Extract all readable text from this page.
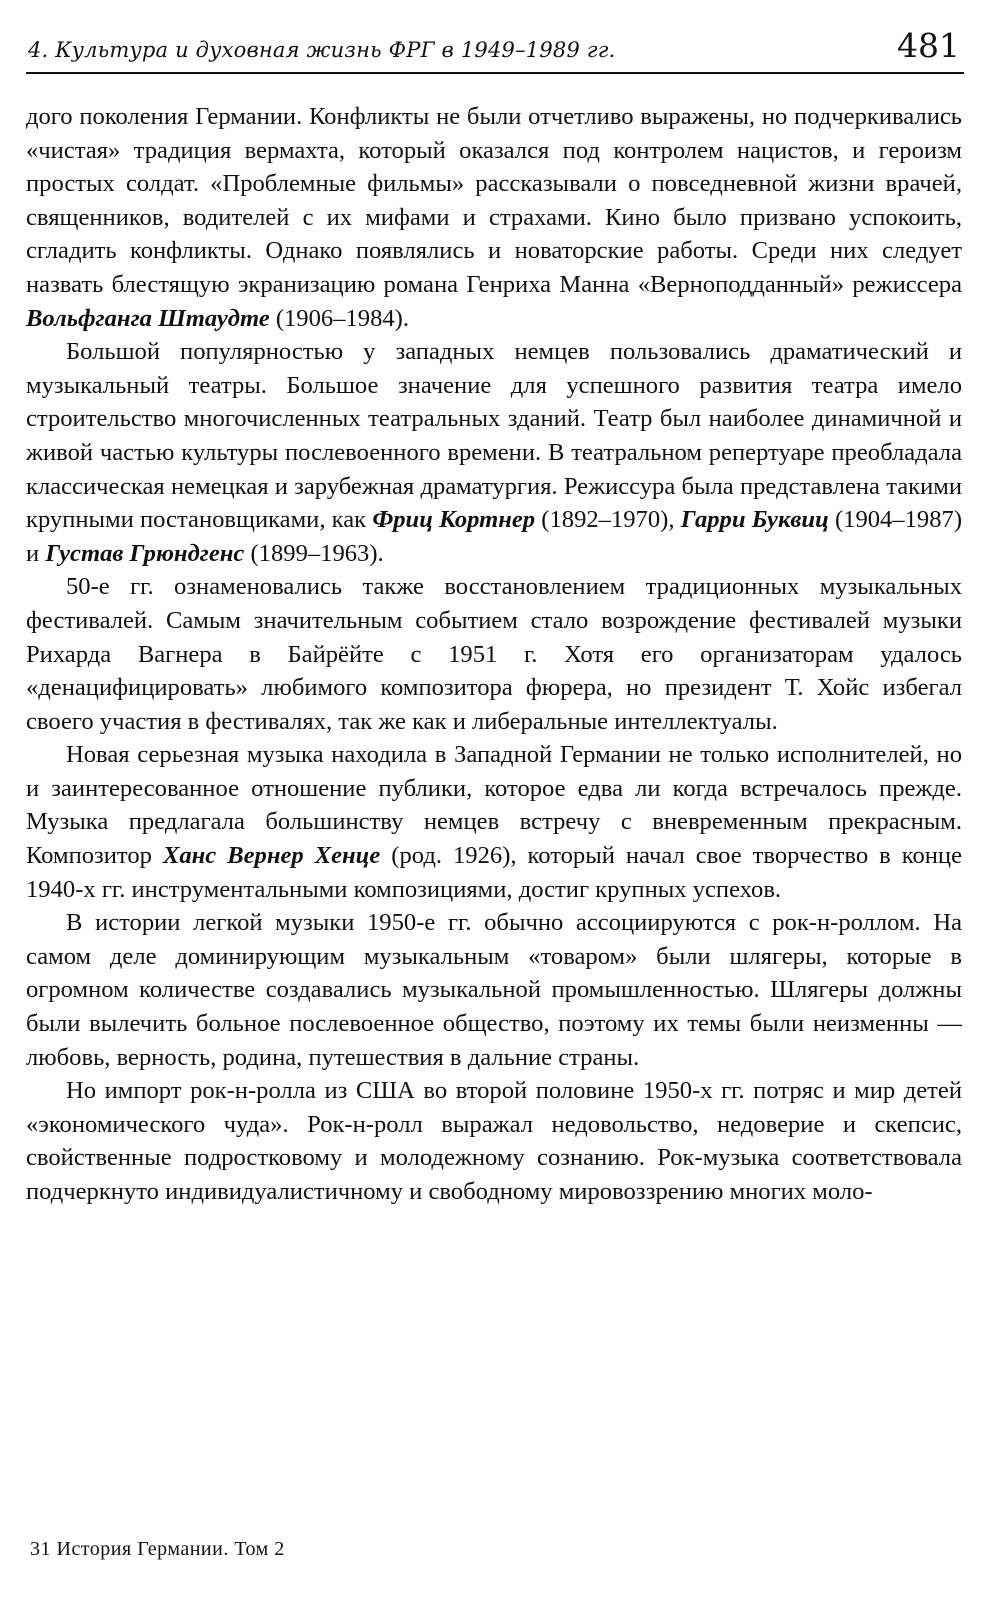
4. Культура и духовная жизнь ФРГ в 1949–1989 гг.	481

дого поколения Германии. Конфликты не были отчетливо выражены, но подчеркивались «чистая» традиция вермахта, который оказался под контролем нацистов, и героизм простых солдат. «Проблемные фильмы» рассказывали о повседневной жизни врачей, священников, водителей с их мифами и страхами. Кино было призвано успокоить, сгладить конфликты. Однако появлялись и новаторские работы. Среди них следует назвать блестящую экранизацию романа Генриха Манна «Верноподданный» режиссера Вольфганга Штаудте (1906–1984).

Большой популярностью у западных немцев пользовались драматический и музыкальный театры. Большое значение для успешного развития театра имело строительство многочисленных театральных зданий. Театр был наиболее динамичной и живой частью культуры послевоенного времени. В театральном репертуаре преобладала классическая немецкая и зарубежная драматургия. Режиссура была представлена такими крупными постановщиками, как Фриц Кортнер (1892–1970), Гарри Буквиц (1904–1987) и Густав Грюндгенс (1899–1963).

50-е гг. ознаменовались также восстановлением традиционных музыкальных фестивалей. Самым значительным событием стало возрождение фестивалей музыки Рихарда Вагнера в Байрёйте с 1951 г. Хотя его организаторам удалось «денацифицировать» любимого композитора фюрера, но президент Т. Хойс избегал своего участия в фестивалях, так же как и либеральные интеллектуалы.

Новая серьезная музыка находила в Западной Германии не только исполнителей, но и заинтересованное отношение публики, которое едва ли когда встречалось прежде. Музыка предлагала большинству немцев встречу с вневременным прекрасным. Композитор Ханс Вернер Хенце (род. 1926), который начал свое творчество в конце 1940-х гг. инструментальными композициями, достиг крупных успехов.

В истории легкой музыки 1950-е гг. обычно ассоциируются с рок-н-роллом. На самом деле доминирующим музыкальным «товаром» были шлягеры, которые в огромном количестве создавались музыкальной промышленностью. Шлягеры должны были вылечить больное послевоенное общество, поэтому их темы были неизменны — любовь, верность, родина, путешествия в дальние страны.

Но импорт рок-н-ролла из США во второй половине 1950-х гг. потряс и мир детей «экономического чуда». Рок-н-ролл выражал недовольство, недоверие и скепсис, свойственные подростковому и молодежному сознанию. Рок-музыка соответствовала подчеркнуто индивидуалистичному и свободному мировоззрению многих моло-

31 История Германии. Том 2
